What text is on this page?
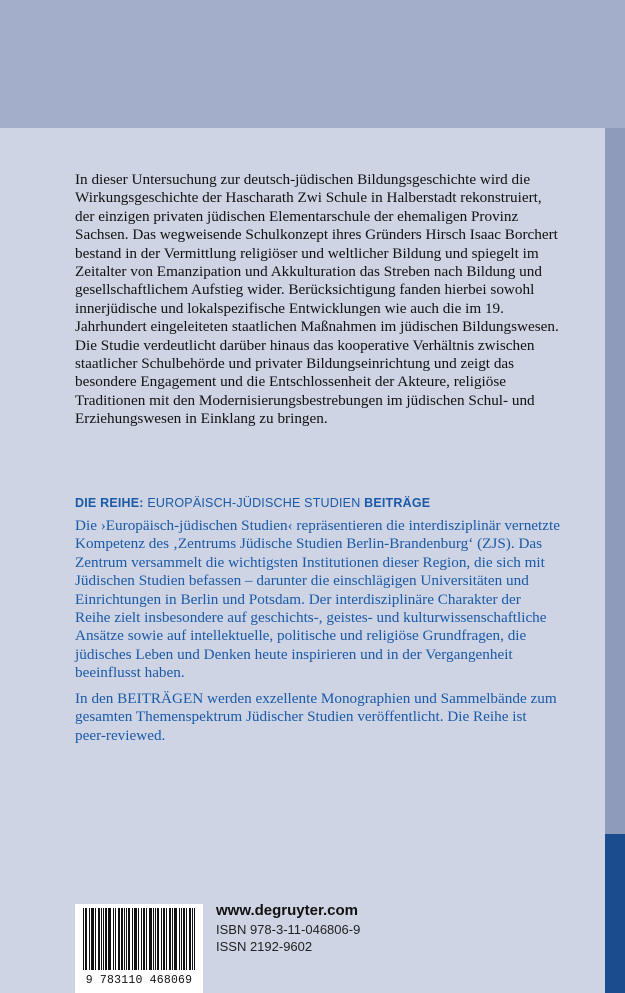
In dieser Untersuchung zur deutsch-jüdischen Bildungsgeschichte wird die Wirkungsgeschichte der Hascharath Zwi Schule in Halberstadt rekonstruiert, der einzigen privaten jüdischen Elementarschule der ehemaligen Provinz Sachsen. Das wegweisende Schulkonzept ihres Gründers Hirsch Isaac Borchert bestand in der Vermittlung religiöser und weltlicher Bildung und spiegelt im Zeitalter von Emanzipation und Akkulturation das Streben nach Bildung und gesellschaftlichem Aufstieg wider. Berücksichtigung fanden hierbei sowohl innerjüdische und lokalspezifische Entwicklungen wie auch die im 19. Jahrhundert eingeleiteten staatlichen Maßnahmen im jüdischen Bildungswesen. Die Studie verdeutlicht darüber hinaus das kooperative Verhältnis zwischen staatlicher Schulbehörde und privater Bildungseinrichtung und zeigt das besondere Engagement und die Entschlossenheit der Akteure, religiöse Traditionen mit den Modernisierungsbestrebungen im jüdischen Schul- und Erziehungswesen in Einklang zu bringen.
DIE REIHE: EUROPÄISCH-JÜDISCHE STUDIEN BEITRÄGE
Die ›Europäisch-jüdischen Studien‹ repräsentieren die interdisziplinär vernetzte Kompetenz des ‚Zentrums Jüdische Studien Berlin-Brandenburg‘ (ZJS). Das Zentrum versammelt die wichtigsten Institutionen dieser Region, die sich mit Jüdischen Studien befassen – darunter die einschlägigen Universitäten und Einrichtungen in Berlin und Potsdam. Der interdisziplinäre Charakter der Reihe zielt insbesondere auf geschichts-, geistes- und kulturwissenschaftliche Ansätze sowie auf intellektuelle, politische und religiöse Grundfragen, die jüdisches Leben und Denken heute inspirieren und in der Vergangenheit beeinflusst haben.
In den BEITRÄGEN werden exzellente Monographien und Sammelbände zum gesamten Themenspektrum Jüdischer Studien veröffentlicht. Die Reihe ist peer-reviewed.
9 783110 468069
www.degruyter.com
ISBN 978-3-11-046806-9
ISSN 2192-9602
